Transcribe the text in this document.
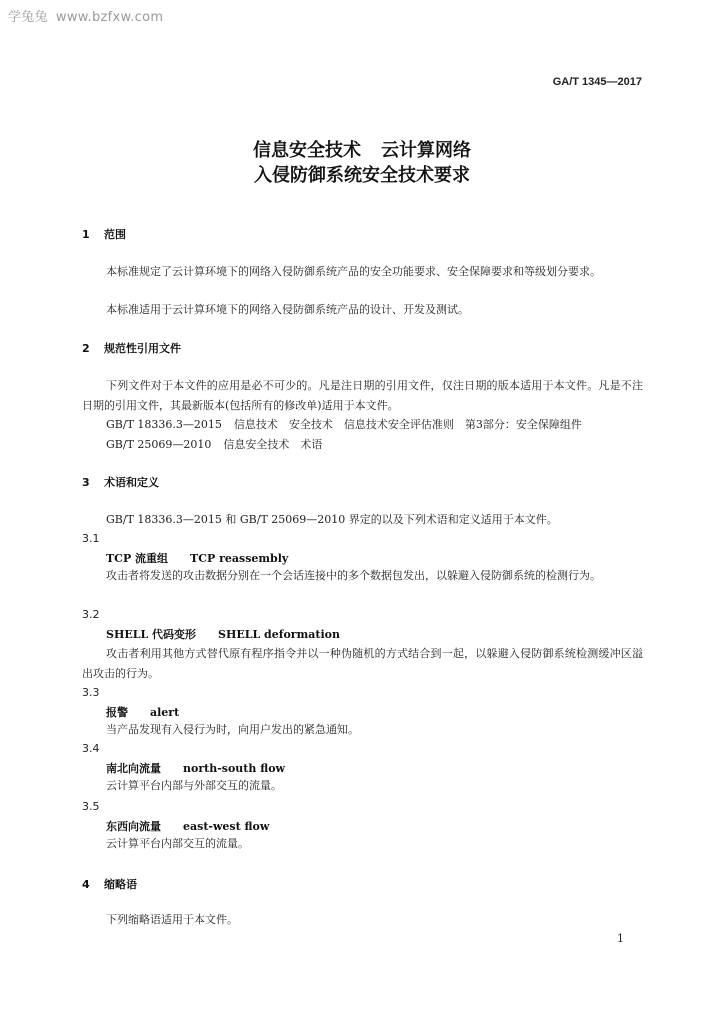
学兔兔 www.bzfxw.com
GA/T 1345—2017
信息安全技术 云计算网络
入侵防御系统安全技术要求
1 范围
本标准规定了云计算环境下的网络入侵防御系统产品的安全功能要求、安全保障要求和等级划分要求。
本标准适用于云计算环境下的网络入侵防御系统产品的设计、开发及测试。
2 规范性引用文件
下列文件对于本文件的应用是必不可少的。凡是注日期的引用文件，仅注日期的版本适用于本文件。凡是不注日期的引用文件，其最新版本(包括所有的修改单)适用于本文件。
GB/T 18336.3—2015 信息技术　安全技术　信息技术安全评估准则　第3部分：安全保障组件
GB/T 25069—2010 信息安全技术　术语
3 术语和定义
GB/T 18336.3—2015 和 GB/T 25069—2010 界定的以及下列术语和定义适用于本文件。
3.1
TCP 流重组 TCP reassembly
攻击者将发送的攻击数据分别在一个会话连接中的多个数据包发出，以躲避入侵防御系统的检测行为。
3.2
SHELL 代码变形 SHELL deformation
攻击者利用其他方式替代原有程序指令并以一种伪随机的方式结合到一起，以躲避入侵防御系统检测缓冲区溢出攻击的行为。
3.3
报警 alert
当产品发现有入侵行为时，向用户发出的紧急通知。
3.4
南北向流量 north-south flow
云计算平台内部与外部交互的流量。
3.5
东西向流量 east-west flow
云计算平台内部交互的流量。
4 缩略语
下列缩略语适用于本文件。
1
